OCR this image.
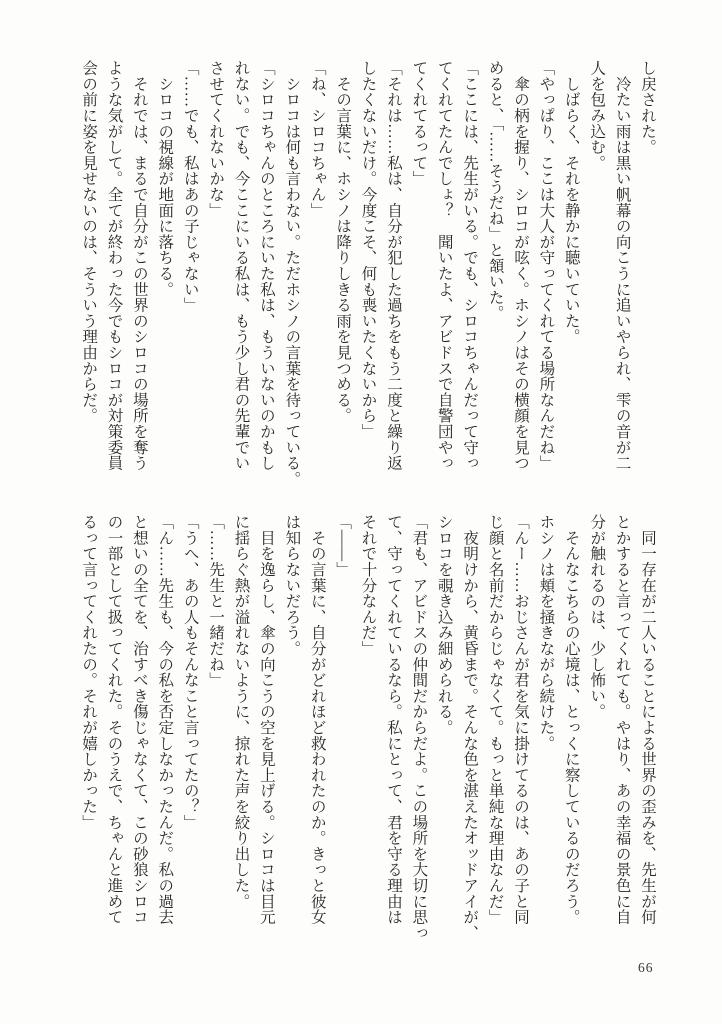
し戻された。
　冷たい雨は黒い帆幕の向こうに追いやられ、雫の音が二
人を包み込む。
　しばらく、それを静かに聴いていた。
「やっぱり、ここは大人が守ってくれてる場所なんだね」
　傘の柄を握り、シロコが呟く。ホシノはその横顔を見つ
めると、「……そうだね」と頷いた。
「ここには、先生がいる。でも、シロコちゃんだって守っ
てくれてたんでしょ？　聞いたよ、アビドスで自警団やっ
てくれてるって」
「それは……私は、自分が犯した過ちをもう二度と繰り返
したくないだけ。今度こそ、何も喪いたくないから」
　その言葉に、ホシノは降りしきる雨を見つめる。
「ね、シロコちゃん」
　シロコは何も言わない。ただホシノの言葉を待っている。
「シロコちゃんのところにいた私は、もういないのかもし
れない。でも、今ここにいる私は、もう少し君の先輩でい
させてくれないかな」
「……でも、私はあの子じゃない」
　シロコの視線が地面に落ちる。
　それでは、まるで自分がこの世界のシロコの場所を奪う
ような気がして。全てが終わった今でもシロコが対策委員
会の前に姿を見せないのは、そういう理由からだ。
　同一存在が二人いることによる世界の歪みを、先生が何
とかすると言ってくれても。やはり、あの幸福の景色に自
分が触れるのは、少し怖い。
　そんなこちらの心境は、とっくに察しているのだろう。
ホシノは頬を掻きながら続けた。
「んー……おじさんが君を気に掛けてるのは、あの子と同
じ顔と名前だからじゃなくて。もっと単純な理由なんだ」
　夜明けから、黄昏まで。そんな色を湛えたオッドアイが、
シロコを覗き込み細められる。
「君も、アビドスの仲間だからだよ。この場所を大切に思っ
て、守ってくれているなら。私にとって、君を守る理由は
それで十分なんだ」
「――」
　その言葉に、自分がどれほど救われたのか。きっと彼女
は知らないだろう。
　目を逸らし、傘の向こうの空を見上げる。シロコは目元
に揺らぐ熱が溢れないように、掠れた声を絞り出した。
「……先生と一緒だね」
「うへ、あの人もそんなこと言ってたの？」
「ん……先生も、今の私を否定しなかったんだ。私の過去
と想いの全てを、治すべき傷じゃなくて、この砂狼シロコ
の一部として扱ってくれた。そのうえで、ちゃんと進めて
るって言ってくれたの。それが嬉しかった」
66
